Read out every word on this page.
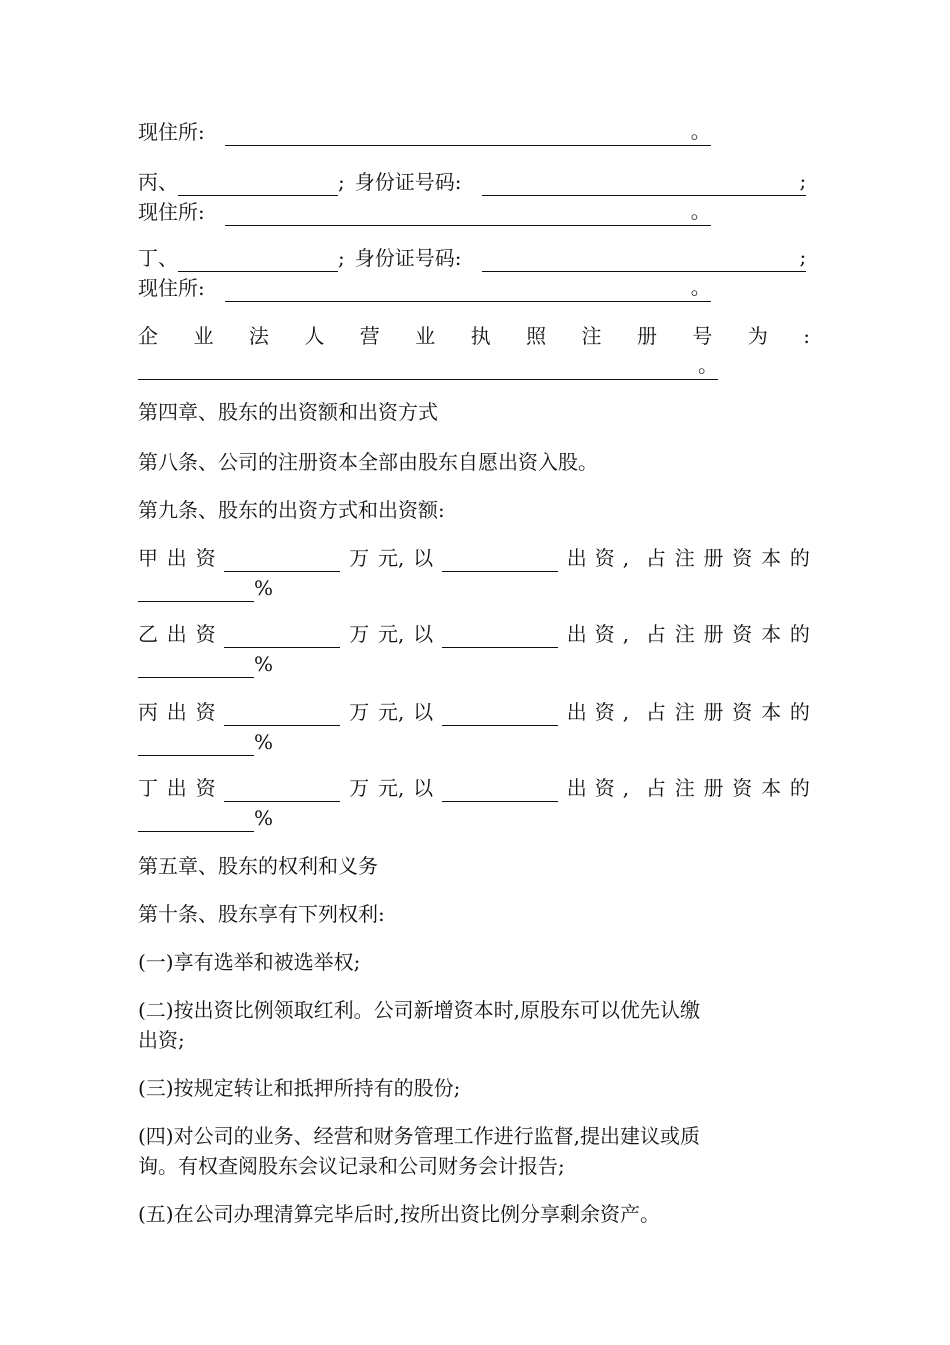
现住所:	。
丙、	; 身份证号码:	;
现住所:	。
丁、	; 身份证号码:	;
现住所:	。
企 业 法 人 营 业 执 照 注 册 号 为 :
。
第四章、股东的出资额和出资方式
第八条、公司的注册资本全部由股东自愿出资入股。
第九条、股东的出资方式和出资额:
甲 出 资	万 元, 以	出资, 占 注 册 资 本 的
%
乙 出 资	万 元, 以	出资, 占 注 册 资 本 的
%
丙 出 资	万 元, 以	出资, 占 注 册 资 本 的
%
丁 出 资	万 元, 以	出资, 占 注 册 资 本 的
%
第五章、股东的权利和义务
第十条、股东享有下列权利:
(一)享有选举和被选举权;
(二)按出资比例领取红利。公司新增资本时,原股东可以优先认缴
出资;
(三)按规定转让和抵押所持有的股份;
(四)对公司的业务、经营和财务管理工作进行监督,提出建议或质
询。有权查阅股东会议记录和公司财务会计报告;
(五)在公司办理清算完毕后时,按所出资比例分享剩余资产。
